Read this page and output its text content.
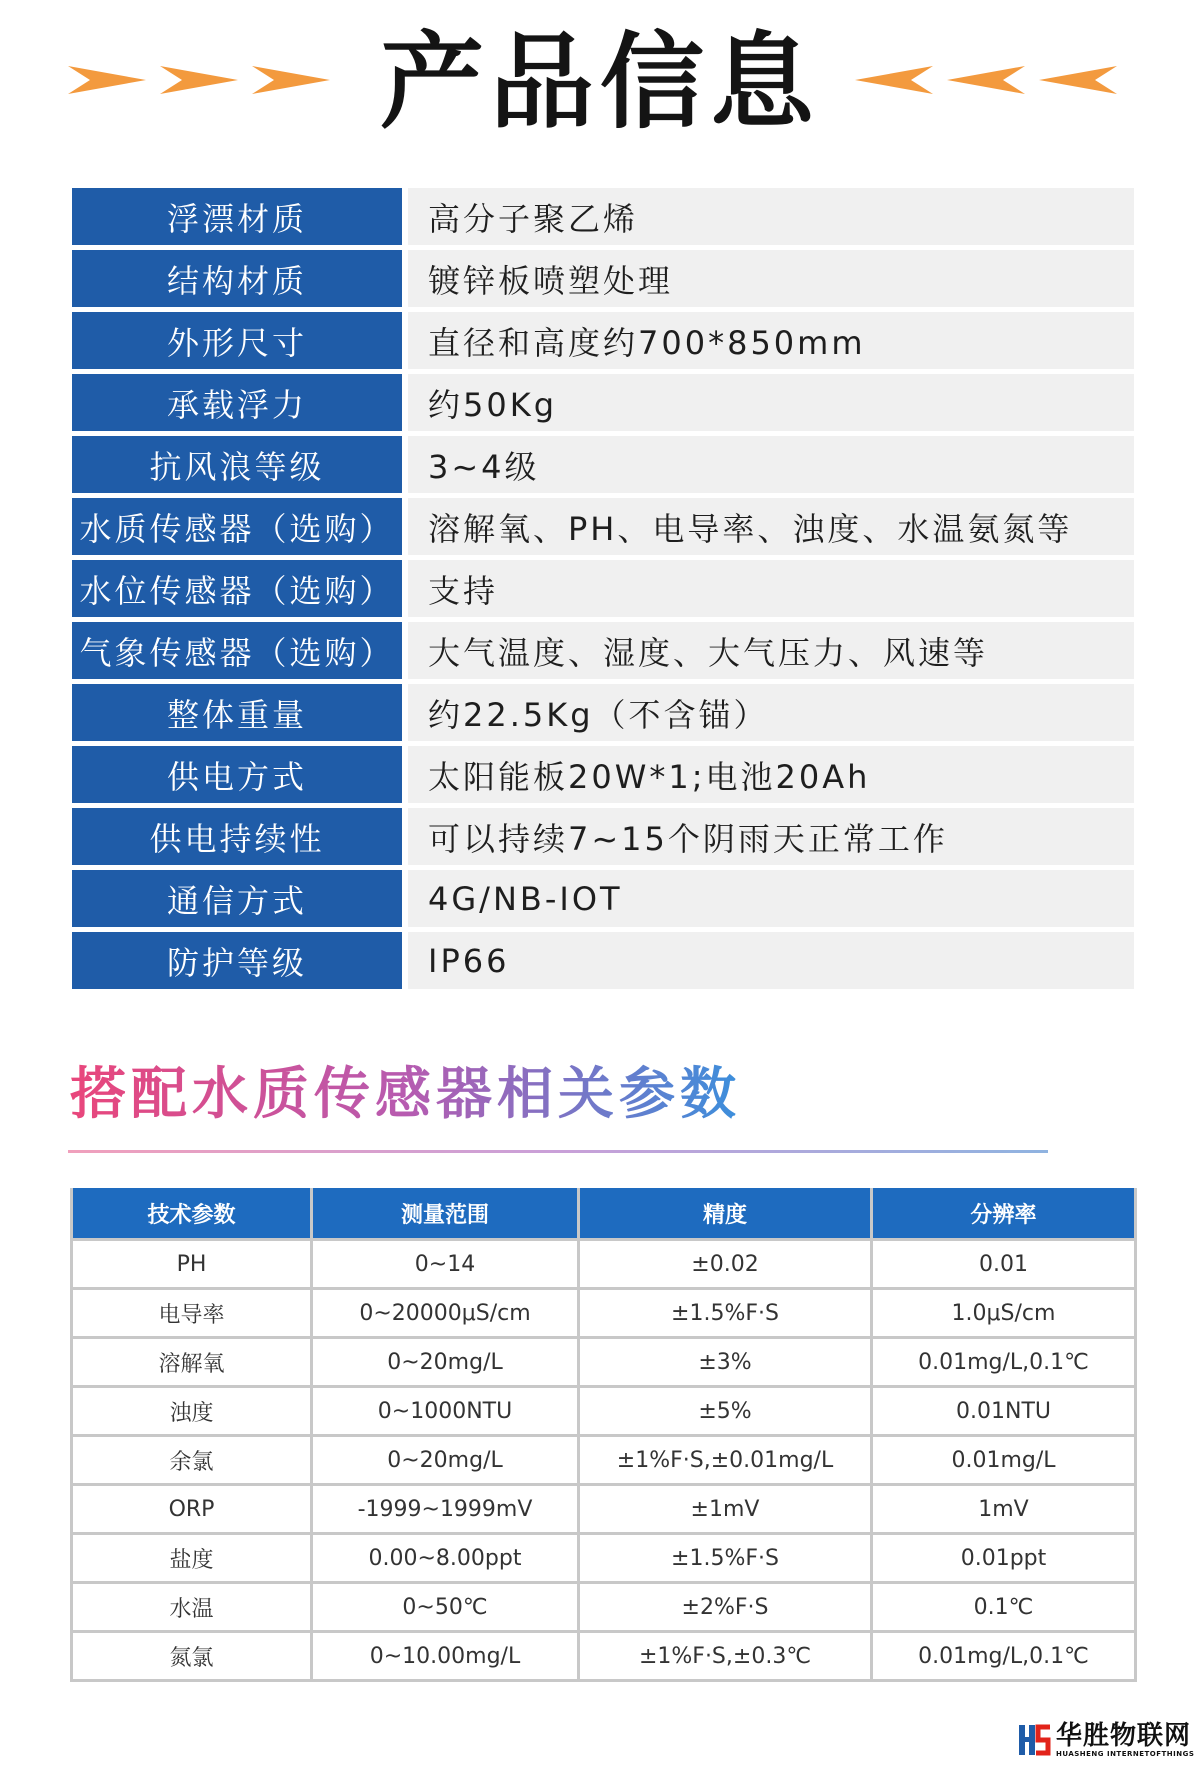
产品信息
浮漂材质	高分子聚乙烯
结构材质	镀锌板喷塑处理
外形尺寸	直径和高度约700*850mm
承载浮力	约50Kg
抗风浪等级	3~4级
水质传感器（选购）	溶解氧、PH、电导率、浊度、水温氨氮等
水位传感器（选购）	支持
气象传感器（选购）	大气温度、湿度、大气压力、风速等
整体重量	约22.5Kg（不含锚）
供电方式	太阳能板20W*1;电池20Ah
供电持续性	可以持续7~15个阴雨天正常工作
通信方式	4G/NB-IOT
防护等级	IP66
搭配水质传感器相关参数
技术参数	测量范围	精度	分辨率
PH	0~14	±0.02	0.01
电导率	0~20000μS/cm	±1.5%F·S	1.0μS/cm
溶解氧	0~20mg/L	±3%	0.01mg/L,0.1℃
浊度	0~1000NTU	±5%	0.01NTU
余氯	0~20mg/L	±1%F·S,±0.01mg/L	0.01mg/L
ORP	-1999~1999mV	±1mV	1mV
盐度	0.00~8.00ppt	±1.5%F·S	0.01ppt
水温	0~50℃	±2%F·S	0.1℃
氮氯	0~10.00mg/L	±1%F·S,±0.3℃	0.01mg/L,0.1℃
华胜物联网
HUASHENG INTERNETOFTHINGS
